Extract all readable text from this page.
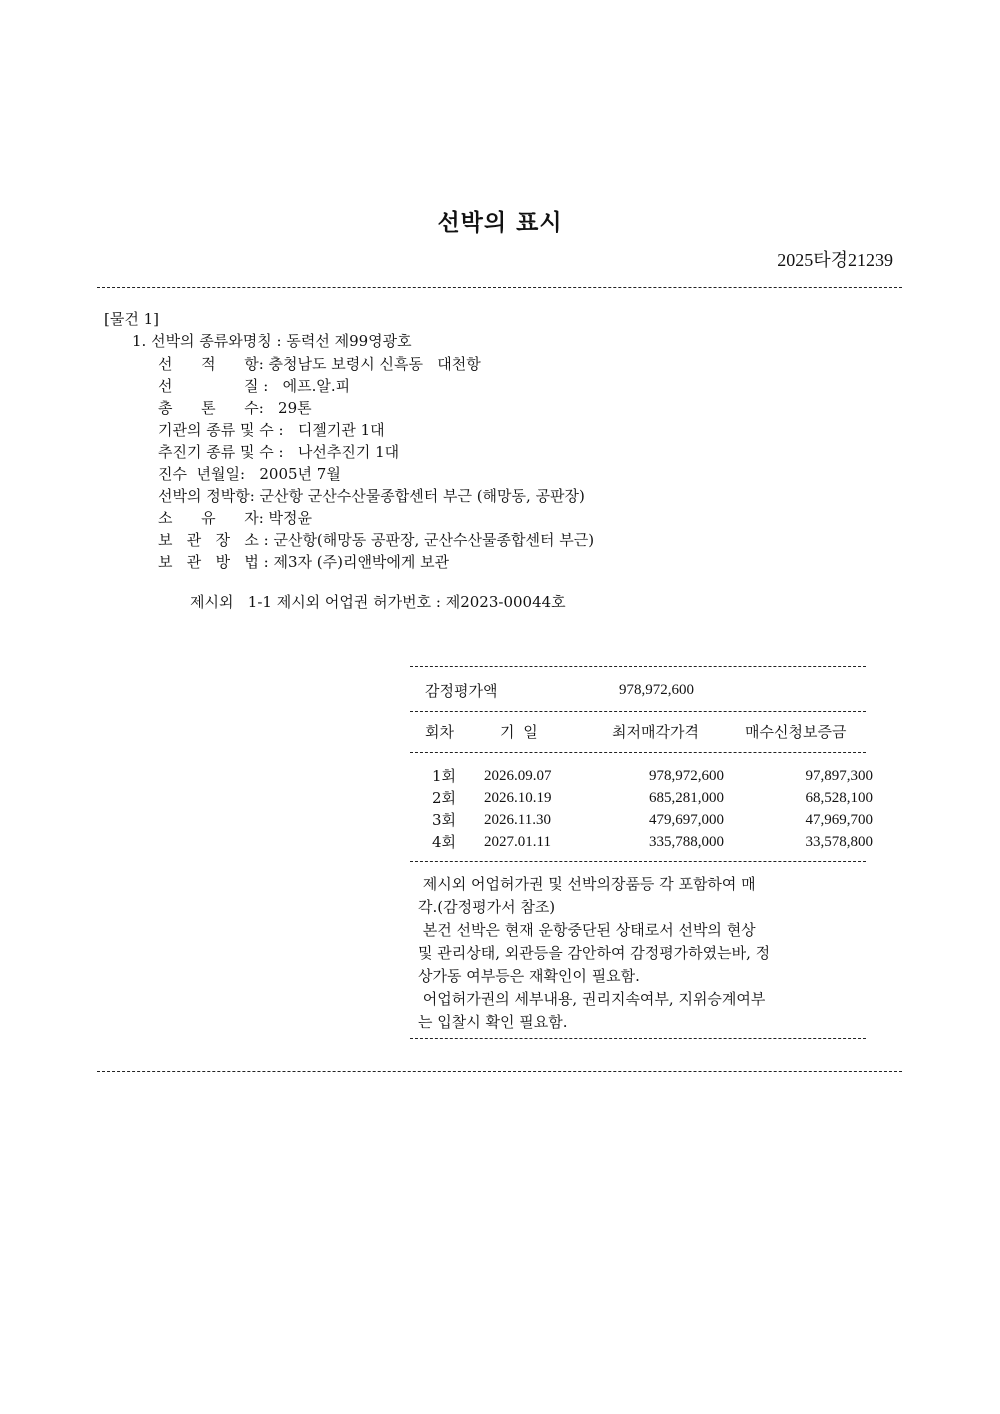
선박의 표시
2025타경21239
[물건 1]
1. 선박의 종류와명칭 : 동력선 제99영광호
선      적      항: 충청남도 보령시 신흑동   대천항
선               질 :   에프.알.피
총      톤      수:   29톤
기관의 종류 및 수 :   디젤기관 1대
추진기 종류 및 수 :   나선추진기 1대
진수  년월일:   2005년 7월
선박의 정박항: 군산항 군산수산물종합센터 부근 (해망동, 공판장)
소      유      자: 박정윤
보   관   장   소 : 군산항(해망동 공판장, 군산수산물종합센터 부근)
보   관   방   법 : 제3자 (주)리앤박에게 보관
제시외   1-1 제시외 어업권 허가번호 : 제2023-00044호
감정평가액	978,972,600
회차	기 일	최저매각가격	매수신청보증금
1회 2026.09.07	978,972,600	97,897,300
2회 2026.10.19	685,281,000	68,528,100
3회 2026.11.30	479,697,000	47,969,700
4회 2027.01.11	335,788,000	33,578,800
제시외 어업허가권 및 선박의장품등 각 포함하여 매
각.(감정평가서 참조)
본건 선박은 현재 운항중단된 상태로서 선박의 현상
및 관리상태, 외관등을 감안하여 감정평가하였는바, 정
상가동 여부등은 재확인이 필요함.
어업허가권의 세부내용, 권리지속여부, 지위승계여부
는 입찰시 확인 필요함.
